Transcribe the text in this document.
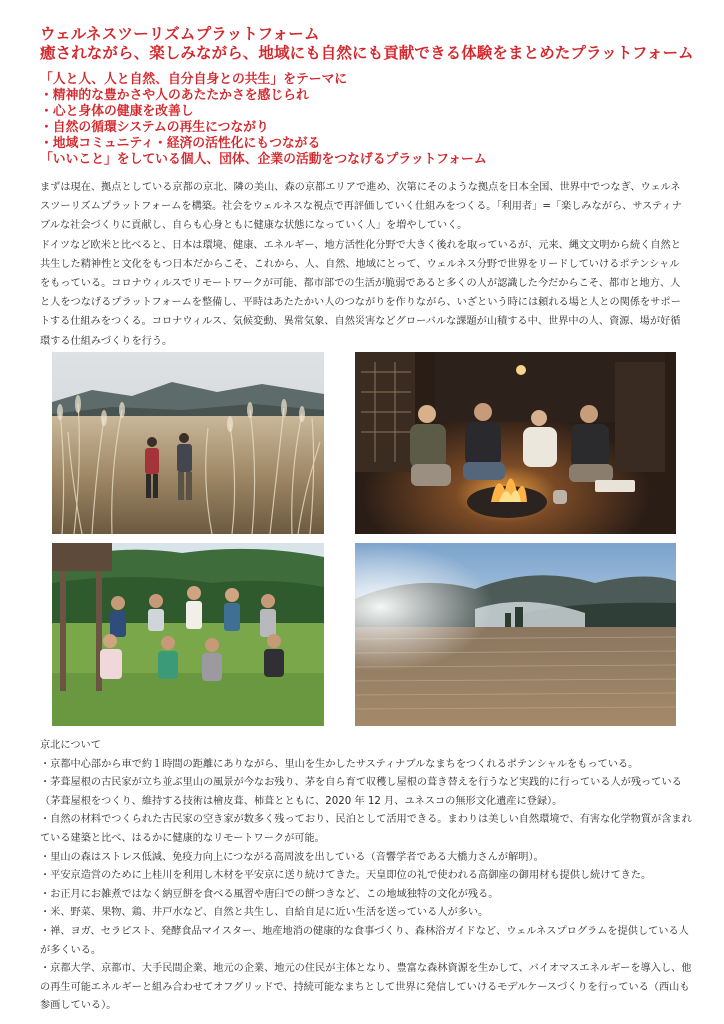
ウェルネスツーリズムプラットフォーム
癒されながら、楽しみながら、地域にも自然にも貢献できる体験をまとめたプラットフォーム
「人と人、人と自然、自分自身との共生」をテーマに
・精神的な豊かさや人のあたたかさを感じられ
・心と身体の健康を改善し
・自然の循環システムの再生につながり
・地域コミュニティ・経済の活性化にもつながる
「いいこと」をしている個人、団体、企業の活動をつなげるプラットフォーム

まずは現在、拠点としている京都の京北、隣の美山、森の京都エリアで進め、次第にそのような拠点を日本全国、世界中でつなぎ、ウェルネスツーリズムプラットフォームを構築。社会をウェルネスな視点で再評価していく仕組みをつくる。「利用者」=「楽しみながら、サスティナブルな社会づくりに貢献し、自らも心身ともに健康な状態になっていく人」を増やしていく。

ドイツなど欧米と比べると、日本は環境、健康、エネルギー、地方活性化分野で大きく後れを取っているが、元来、縄文文明から続く自然と共生した精神性と文化をもつ日本だからこそ、これから、人、自然、地域にとって、ウェルネス分野で世界をリードしていけるポテンシャルをもっている。コロナウィルスでリモートワークが可能、都市部での生活が脆弱であると多くの人が認識した今だからこそ、都市と地方、人と人をつなげるプラットフォームを整備し、平時はあたたかい人のつながりを作りながら、いざという時には頼れる場と人との関係をサポートする仕組みをつくる。コロナウィルス、気候変動、異常気象、自然災害などグローバルな課題が山積する中、世界中の人、資源、場が好循環する仕組みづくりを行う。

京北について

・京都中心部から車で約１時間の距離にありながら、里山を生かしたサスティナブルなまちをつくれるポテンシャルをもっている。

・茅葺屋根の古民家が立ち並ぶ里山の風景が今なお残り、茅を自ら育て収穫し屋根の葺き替えを行うなど実践的に行っている人が残っている（茅葺屋根をつくり、維持する技術は檜皮葺、杮葺とともに、2020 年 12 月、ユネスコの無形文化遺産に登録）。

・自然の材料でつくられた古民家の空き家が数多く残っており、民泊として活用できる。まわりは美しい自然環境で、有害な化学物質が含まれている建築と比べ、はるかに健康的なリモートワークが可能。

・里山の森はストレス低減、免疫力向上につながる高周波を出している（音響学者である大橋力さんが解明）。

・平安京造営のために上桂川を利用し木材を平安京に送り続けてきた。天皇即位の礼で使われる高御座の御用材も提供し続けてきた。

・お正月にお雑煮ではなく納豆餅を食べる風習や唐臼での餅つきなど、この地域独特の文化が残る。

・米、野菜、果物、鶏、井戸水など、自然と共生し、自給自足に近い生活を送っている人が多い。

・禅、ヨガ、セラピスト、発酵食品マイスター、地産地消の健康的な食事づくり、森林浴ガイドなど、ウェルネスプログラムを提供している人が多くいる。

・京都大学、京都市、大手民間企業、地元の企業、地元の住民が主体となり、豊富な森林資源を生かして、バイオマスエネルギーを導入し、他の再生可能エネルギーと組み合わせてオフグリッドで、持続可能なまちとして世界に発信していけるモデルケースづくりを行っている（西山も参画している）。
